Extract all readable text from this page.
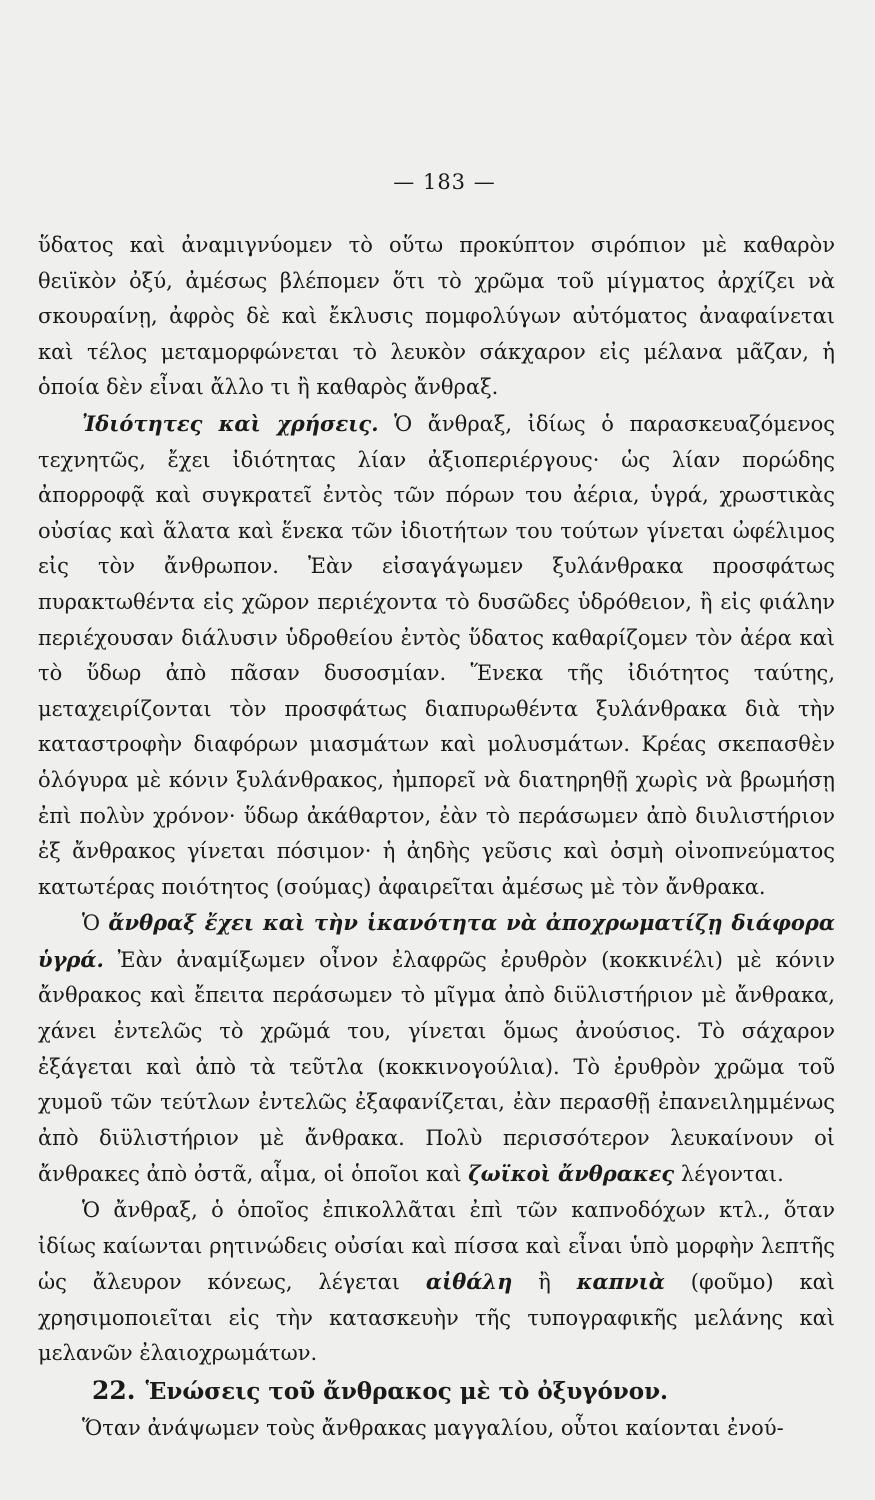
— 183 —

ὕδατος καὶ ἀναμιγνύομεν τὸ οὕτω προκύπτον σιρόπιον μὲ καθαρὸν θειϊκὸν ὀξύ, ἀμέσως βλέπομεν ὅτι τὸ χρῶμα τοῦ μίγματος ἀρχίζει νὰ σκουραίνῃ, ἀφρὸς δὲ καὶ ἔκλυσις πομφολύγων αὐτόματος ἀναφαίνεται καὶ τέλος μεταμορφώνεται τὸ λευκὸν σάκχαρον εἰς μέλανα μᾶζαν, ἡ ὁποία δὲν εἶναι ἄλλο τι ἢ καθαρὸς ἄνθραξ.

Ἰδιότητες καὶ χρήσεις. Ὁ ἄνθραξ, ἰδίως ὁ παρασκευαζόμενος τεχνητῶς, ἔχει ἰδιότητας λίαν ἀξιοπεριέργους· ὡς λίαν πορώδης ἀπορροφᾷ καὶ συγκρατεῖ ἐντὸς τῶν πόρων του ἀέρια, ὑγρά, χρωστικὰς οὐσίας καὶ ἅλατα καὶ ἕνεκα τῶν ἰδιοτήτων του τούτων γίνεται ὠφέλιμος εἰς τὸν ἄνθρωπον. Ἐὰν εἰσαγάγωμεν ξυλάνθρακα προσφάτως πυρακτωθέντα εἰς χῶρον περιέχοντα τὸ δυσῶδες ὑδρόθειον, ἢ εἰς φιάλην περιέχουσαν διάλυσιν ὑδροθείου ἐντὸς ὕδατος καθαρίζομεν τὸν ἀέρα καὶ τὸ ὕδωρ ἀπὸ πᾶσαν δυσοσμίαν. Ἕνεκα τῆς ἰδιότητος ταύτης, μεταχειρίζονται τὸν προσφάτως διαπυρωθέντα ξυλάνθρακα διὰ τὴν καταστροφὴν διαφόρων μιασμάτων καὶ μολυσμάτων. Κρέας σκεπασθὲν ὁλόγυρα μὲ κόνιν ξυλάνθρακος, ἠμπορεῖ νὰ διατηρηθῇ χωρὶς νὰ βρωμήσῃ ἐπὶ πολὺν χρόνον· ὕδωρ ἀκάθαρτον, ἐὰν τὸ περάσωμεν ἀπὸ διυλιστήριον ἐξ ἄνθρακος γίνεται πόσιμον· ἡ ἀηδὴς γεῦσις καὶ ὀσμὴ οἰνοπνεύματος κατωτέρας ποιότητος (σούμας) ἀφαιρεῖται ἀμέσως μὲ τὸν ἄνθρακα.

Ὁ ἄνθραξ ἔχει καὶ τὴν ἱκανότητα νὰ ἀποχρωματίζῃ διάφορα ὑγρά. Ἐὰν ἀναμίξωμεν οἶνον ἐλαφρῶς ἐρυθρὸν (κοκκινέλι) μὲ κόνιν ἄνθρακος καὶ ἔπειτα περάσωμεν τὸ μῖγμα ἀπὸ διϋλιστήριον μὲ ἄνθρακα, χάνει ἐντελῶς τὸ χρῶμά του, γίνεται ὅμως ἀνούσιος. Τὸ σάχαρον ἐξάγεται καὶ ἀπὸ τὰ τεῦτλα (κοκκινογούλια). Τὸ ἐρυθρὸν χρῶμα τοῦ χυμοῦ τῶν τεύτλων ἐντελῶς ἐξαφανίζεται, ἐὰν περασθῇ ἐπανειλημμένως ἀπὸ διϋλιστήριον μὲ ἄνθρακα. Πολὺ περισσότερον λευκαίνουν οἱ ἄνθρακες ἀπὸ ὀστᾶ, αἷμα, οἱ ὁποῖοι καὶ ζωϊκοὶ ἄνθρακες λέγονται.

Ὁ ἄνθραξ, ὁ ὁποῖος ἐπικολλᾶται ἐπὶ τῶν καπνοδόχων κτλ., ὅταν ἰδίως καίωνται ρητινώδεις οὐσίαι καὶ πίσσα καὶ εἶναι ὑπὸ μορφὴν λεπτῆς ὡς ἄλευρον κόνεως, λέγεται αἰθάλη ἢ καπνιὰ (φοῦμο) καὶ χρησιμοποιεῖται εἰς τὴν κατασκευὴν τῆς τυπογραφικῆς μελάνης καὶ μελανῶν ἐλαιοχρωμάτων.

22. Ἑνώσεις τοῦ ἄνθρακος μὲ τὸ ὀξυγόνον.

Ὅταν ἀνάψωμεν τοὺς ἄνθρακας μαγγαλίου, οὗτοι καίονται ἐνού-
